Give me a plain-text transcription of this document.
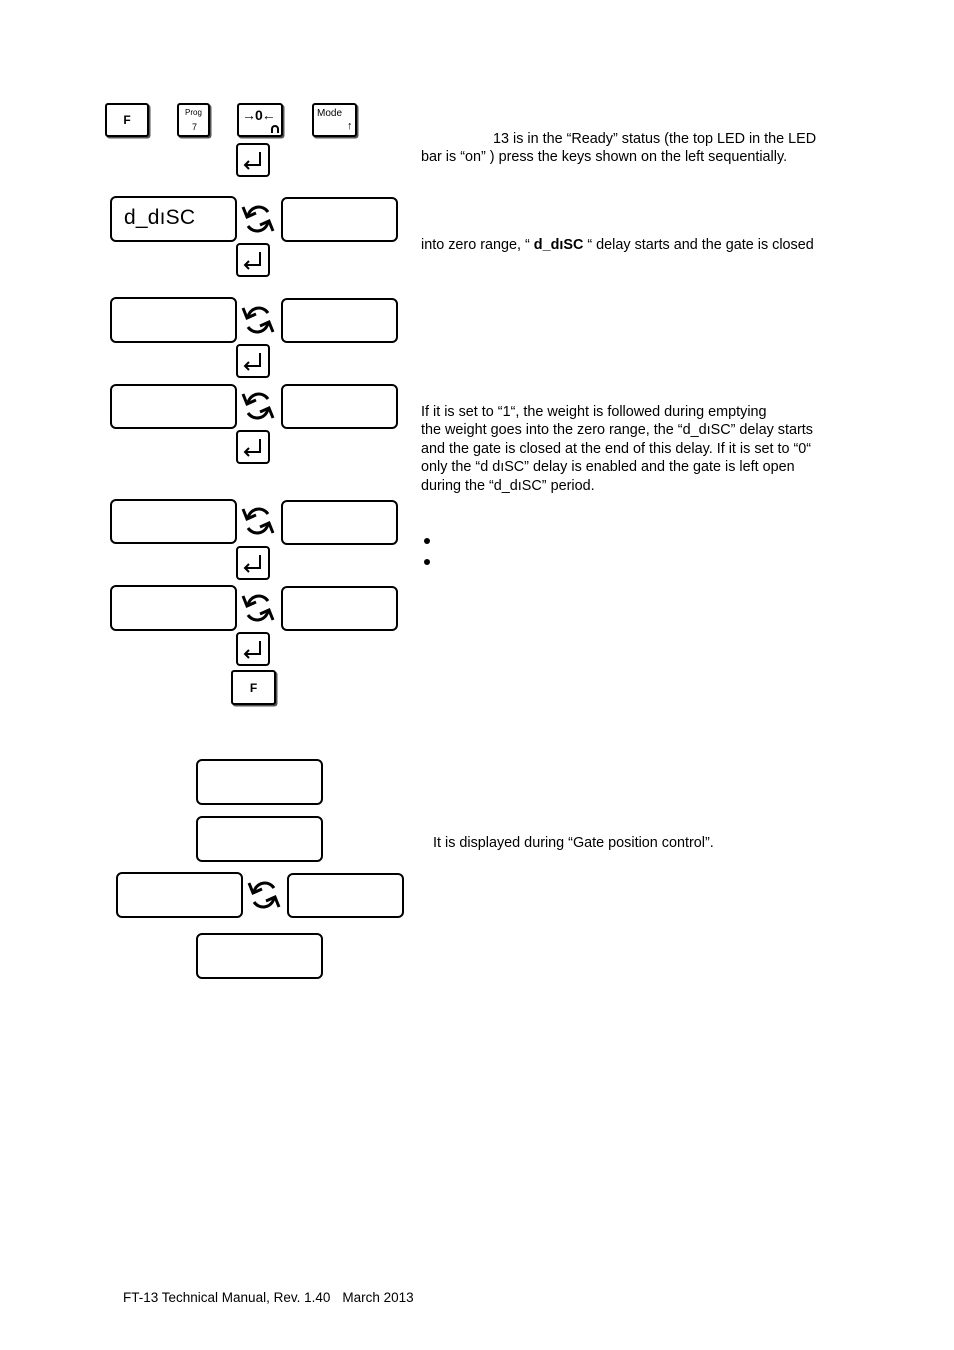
F
Prog
7
→0←	Mode
↑
13 is in the “Ready” status (the top LED in the LED
bar is “on” ) press the keys shown on the left sequentially.
d_dıSC
into zero range, “ d_dıSC “ delay starts and the gate is closed
If it is set to “1“, the weight is followed during emptying
the weight goes into the zero range, the “d_dıSC” delay starts
and the gate is closed at the end of this delay. If it is set to “0“
only the “d dıSC” delay is enabled and the gate is left open
during the “d_dıSC” period.
F
It is displayed during “Gate position control”.
FT-13 Technical Manual, Rev. 1.40 March 2013
